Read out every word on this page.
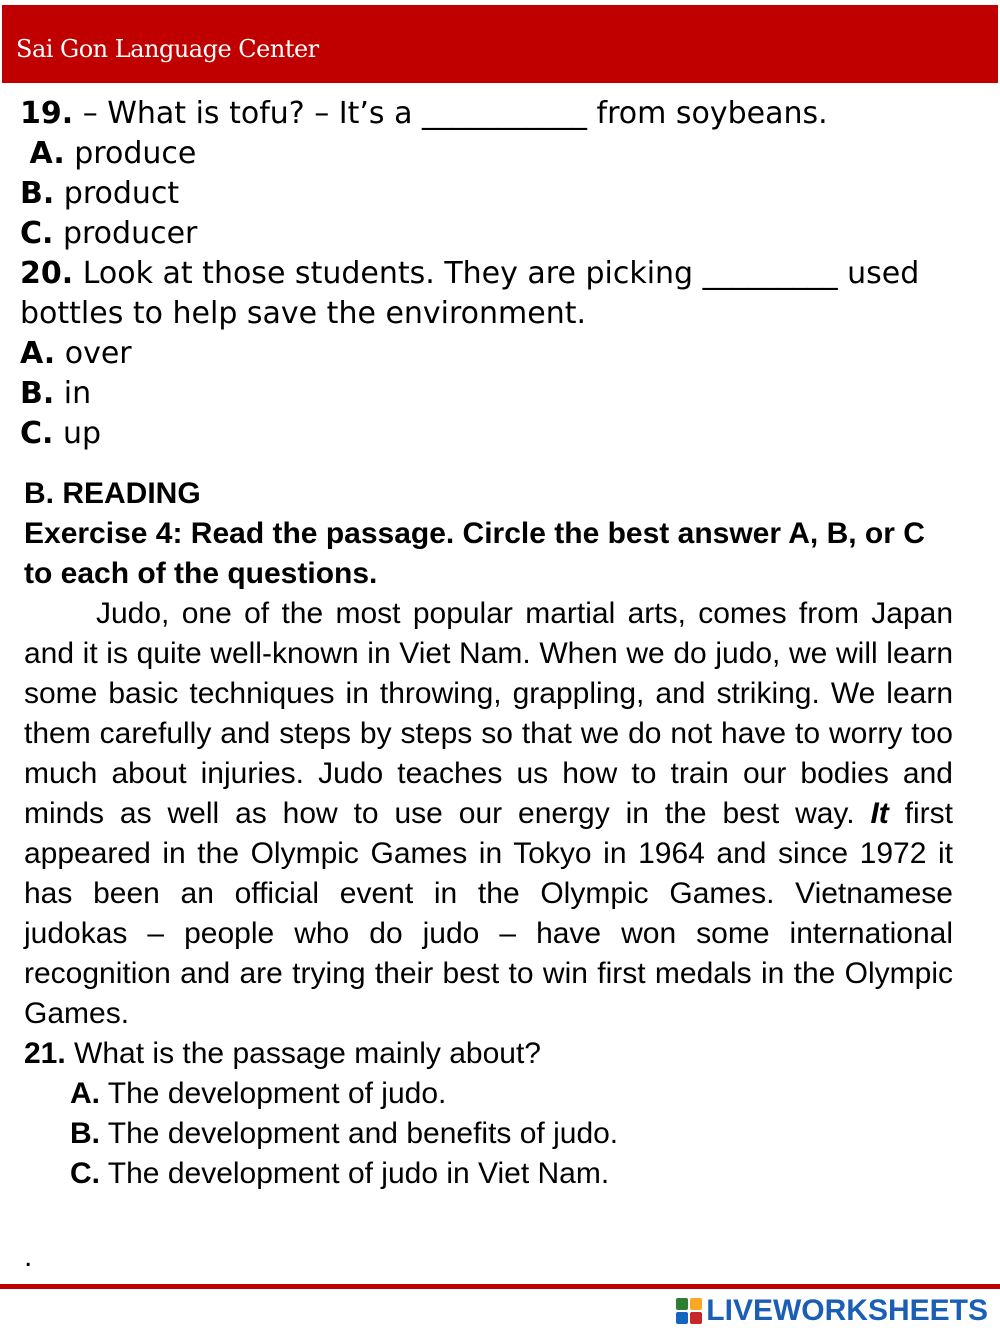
Sai Gon Language Center
19. – What is tofu? – It’s a ___________ from soybeans.
A. produce
B. product
C. producer
20. Look at those students. They are picking _________ used bottles to help save the environment.
A. over
B. in
C. up
B. READING
Exercise 4: Read the passage. Circle the best answer A, B, or C to each of the questions.
Judo, one of the most popular martial arts, comes from Japan and it is quite well-known in Viet Nam. When we do judo, we will learn some basic techniques in throwing, grappling, and striking. We learn them carefully and steps by steps so that we do not have to worry too much about injuries. Judo teaches us how to train our bodies and minds as well as how to use our energy in the best way. It first appeared in the Olympic Games in Tokyo in 1964 and since 1972 it has been an official event in the Olympic Games. Vietnamese judokas – people who do judo – have won some international recognition and are trying their best to win first medals in the Olympic Games.
21. What is the passage mainly about?
A. The development of judo.
B. The development and benefits of judo.
C. The development of judo in Viet Nam.
.
LIVEWORKSHEETS
